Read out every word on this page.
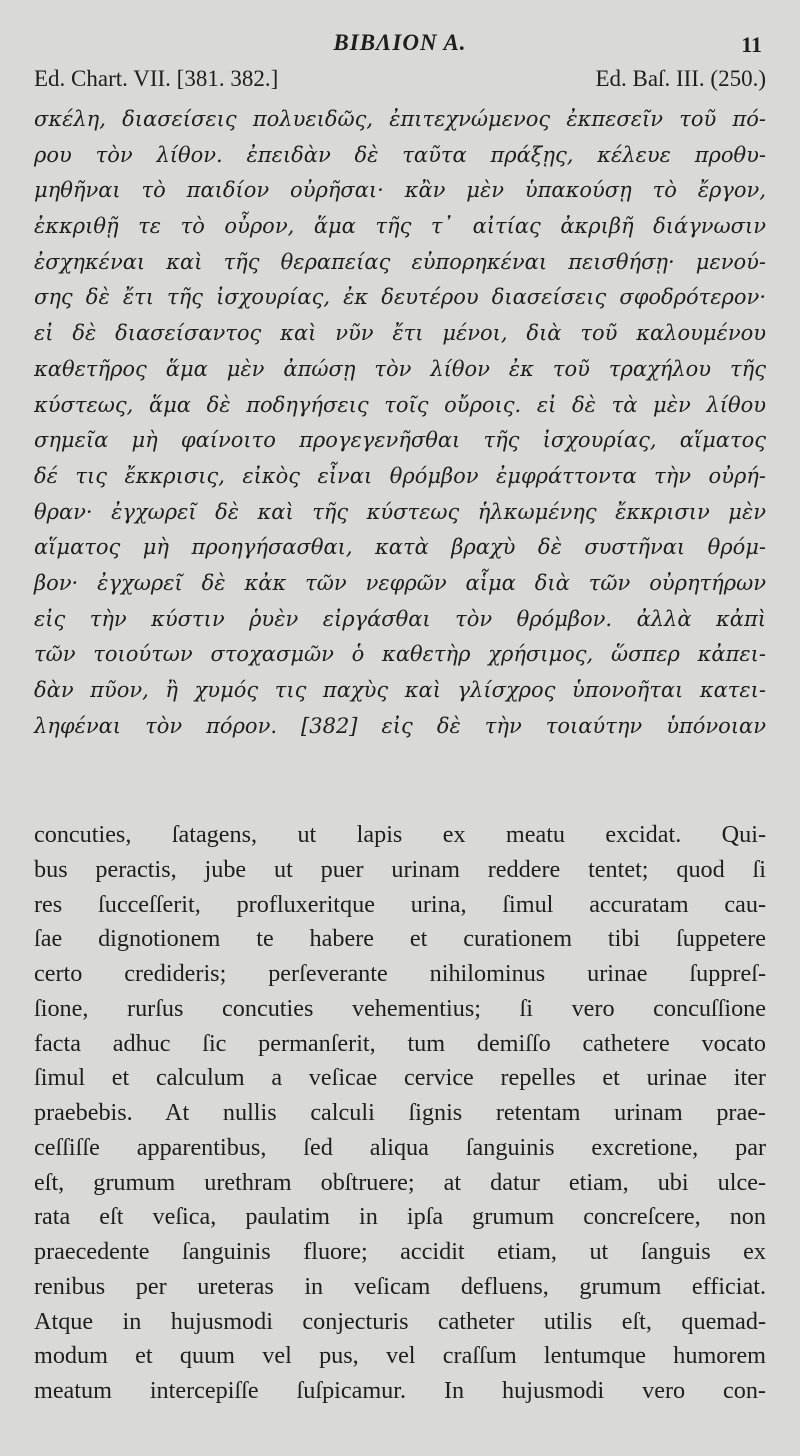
BIBΛΙΟΝ Α.	11
Ed. Chart. VII. [381. 382.]	Ed. Baſ. III. (250.)
σκέλη, διασείσεις πολυειδῶς, ἐπιτεχνώμενος ἐκπεσεῖν τοῦ πό-
ρου τὸν λίθον. ἐπειδὰν δὲ ταῦτα πράξῃς, κέλευε προθυ-
μηθῆναι τὸ παιδίον οὐρῆσαι· κἂν μὲν ὑπακούσῃ τὸ ἔργον,
ἐκκριθῇ τε τὸ οὖρον, ἅμα τῆς τ᾽ αἰτίας ἀκριβῆ διάγνωσιν
ἐσχηκέναι καὶ τῆς θεραπείας εὐπορηκέναι πεισθήσῃ· μενού-
σης δὲ ἔτι τῆς ἰσχουρίας, ἐκ δευτέρου διασείσεις σφοδρότερον·
εἰ δὲ διασείσαντος καὶ νῦν ἔτι μένοι, διὰ τοῦ καλουμένου
καθετῆρος ἅμα μὲν ἀπώσῃ τὸν λίθον ἐκ τοῦ τραχήλου τῆς
κύστεως, ἅμα δὲ ποδηγήσεις τοῖς οὔροις. εἰ δὲ τὰ μὲν λίθου
σημεῖα μὴ φαίνοιτο προγεγενῆσθαι τῆς ἰσχουρίας, αἵματος
δέ τις ἔκκρισις, εἰκὸς εἶναι θρόμβον ἐμφράττοντα τὴν οὐρή-
θραν· ἐγχωρεῖ δὲ καὶ τῆς κύστεως ἡλκωμένης ἔκκρισιν μὲν
αἵματος μὴ προηγήσασθαι, κατὰ βραχὺ δὲ συστῆναι θρόμ-
βον· ἐγχωρεῖ δὲ κἀκ τῶν νεφρῶν αἷμα διὰ τῶν οὐρητήρων
εἰς τὴν κύστιν ῥυὲν εἰργάσθαι τὸν θρόμβον. ἀλλὰ κἀπὶ
τῶν τοιούτων στοχασμῶν ὁ καθετὴρ χρήσιμος, ὥσπερ κἀπει-
δὰν πῦον, ἢ χυμός τις παχὺς καὶ γλίσχρος ὑπονοῆται κατει-
ληφέναι τὸν πόρον. [382] εἰς δὲ τὴν τοιαύτην ὑπόνοιαν
concuties, ſatagens, ut lapis ex meatu excidat. Qui-
bus peractis, jube ut puer urinam reddere tentet; quod ſi
res ſucceſſerit, profluxeritque urina, ſimul accuratam cau-
ſae dignotionem te habere et curationem tibi ſuppetere
certo credideris; perſeverante nihilominus urinae ſuppreſ-
ſione, rurſus concuties vehementius; ſi vero concuſſione
facta adhuc ſic permanſerit, tum demiſſo cathetere vocato
ſimul et calculum a veſicae cervice repelles et urinae iter
praebebis. At nullis calculi ſignis retentam urinam prae-
ceſſiſſe apparentibus, ſed aliqua ſanguinis excretione, par
eſt, grumum urethram obſtruere; at datur etiam, ubi ulce-
rata eſt veſica, paulatim in ipſa grumum concreſcere, non
praecedente ſanguinis fluore; accidit etiam, ut ſanguis ex
renibus per ureteras in veſicam defluens, grumum efficiat.
Atque in hujusmodi conjecturis catheter utilis eſt, quemad-
modum et quum vel pus, vel craſſum lentumque humorem
meatum intercepiſſe ſuſpicamur. In hujusmodi vero con-
